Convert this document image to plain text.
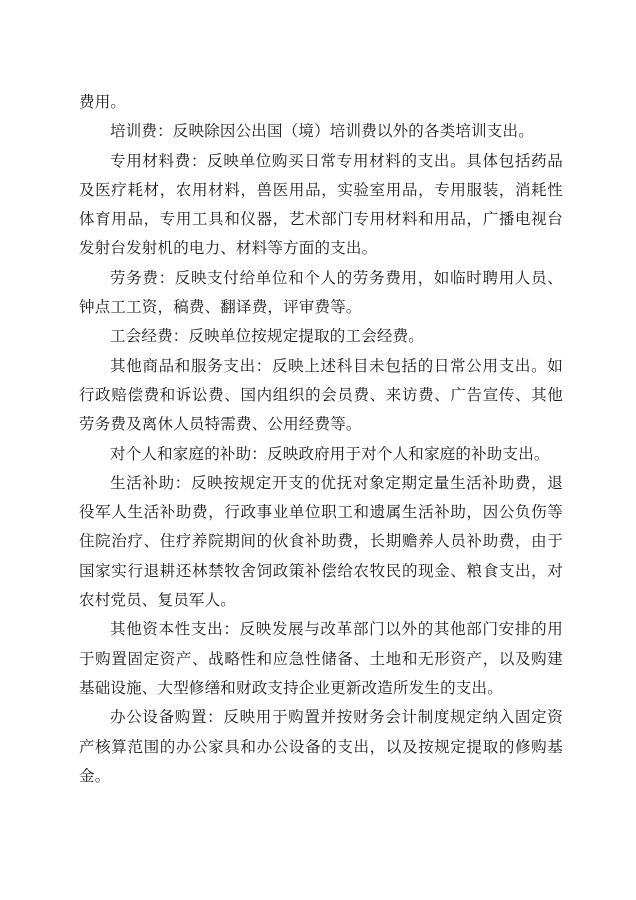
费用。

培训费：反映除因公出国（境）培训费以外的各类培训支出。

专用材料费：反映单位购买日常专用材料的支出。具体包括药品及医疗耗材，农用材料，兽医用品，实验室用品，专用服装，消耗性体育用品，专用工具和仪器，艺术部门专用材料和用品，广播电视台发射台发射机的电力、材料等方面的支出。

劳务费：反映支付给单位和个人的劳务费用，如临时聘用人员、钟点工工资，稿费、翻译费，评审费等。

工会经费：反映单位按规定提取的工会经费。

其他商品和服务支出：反映上述科目未包括的日常公用支出。如行政赔偿费和诉讼费、国内组织的会员费、来访费、广告宣传、其他劳务费及离休人员特需费、公用经费等。

对个人和家庭的补助：反映政府用于对个人和家庭的补助支出。

生活补助：反映按规定开支的优抚对象定期定量生活补助费，退役军人生活补助费，行政事业单位职工和遗属生活补助，因公负伤等住院治疗、住疗养院期间的伙食补助费，长期赡养人员补助费，由于国家实行退耕还林禁牧舍饲政策补偿给农牧民的现金、粮食支出，对农村党员、复员军人。

其他资本性支出：反映发展与改革部门以外的其他部门安排的用于购置固定资产、战略性和应急性储备、土地和无形资产，以及购建基础设施、大型修缮和财政支持企业更新改造所发生的支出。

办公设备购置：反映用于购置并按财务会计制度规定纳入固定资产核算范围的办公家具和办公设备的支出，以及按规定提取的修购基金。
